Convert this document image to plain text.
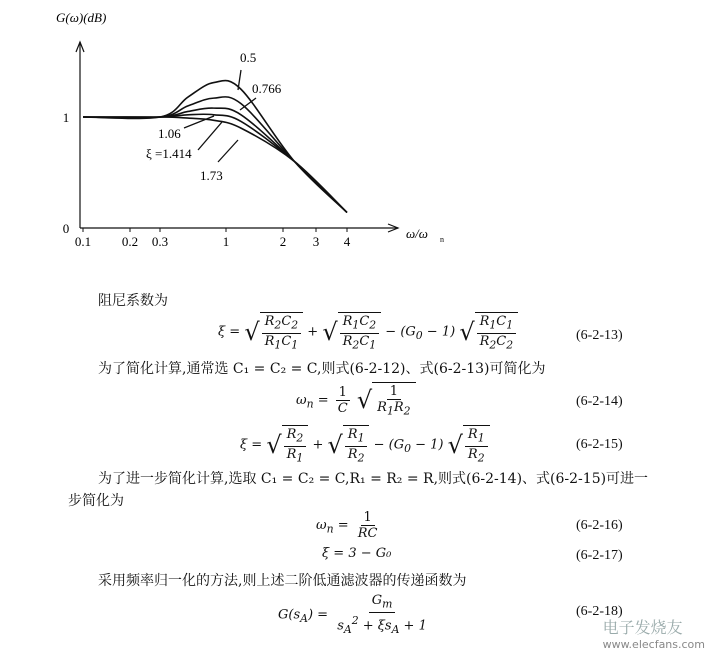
0.1 0.2 0.3	1	2 3 4
0
1
G(ω)(dB)
ω/ω n
0.5
0.766
1.06
ξ =1.414
1.73
阻尼系数为
ξ = √ $\frac{R_2C_2}{R_1C_1}$ + √ $\frac{R_1C_2}{R_2C_1} - (G_0 - 1)$ √ $\frac{R_1C_1}{R_2C_2}$	(6-2-13)
为了简化计算,通常选 C₁ = C₂ = C,则式(6-2-12)、式(6-2-13)可简化为
$\omega_n = \frac{1}{C}$
√ $\frac{1}{R_1R_2}$	(6-2-14)
ξ = √ $\frac{R_2}{R_1}$ + √ $\frac{R_1}{R_2} - (G_0 - 1)$ √ $\frac{R_1}{R_2}$	(6-2-15)
为了进一步简化计算,选取 C₁ = C₂ = C,R₁ = R₂ = R,则式(6-2-14)、式(6-2-15)可进一
步简化为
$\omega_n = \frac{1}{RC}$	(6-2-16)
ξ = 3 − G₀	(6-2-17)
采用频率归一化的方法,则上述二阶低通滤波器的传递函数为
$G(s_A) = \frac{G_m}{s_A^2 + \xi s_A + 1}$	(6-2-18)
电子发烧友
www.elecfans.com
